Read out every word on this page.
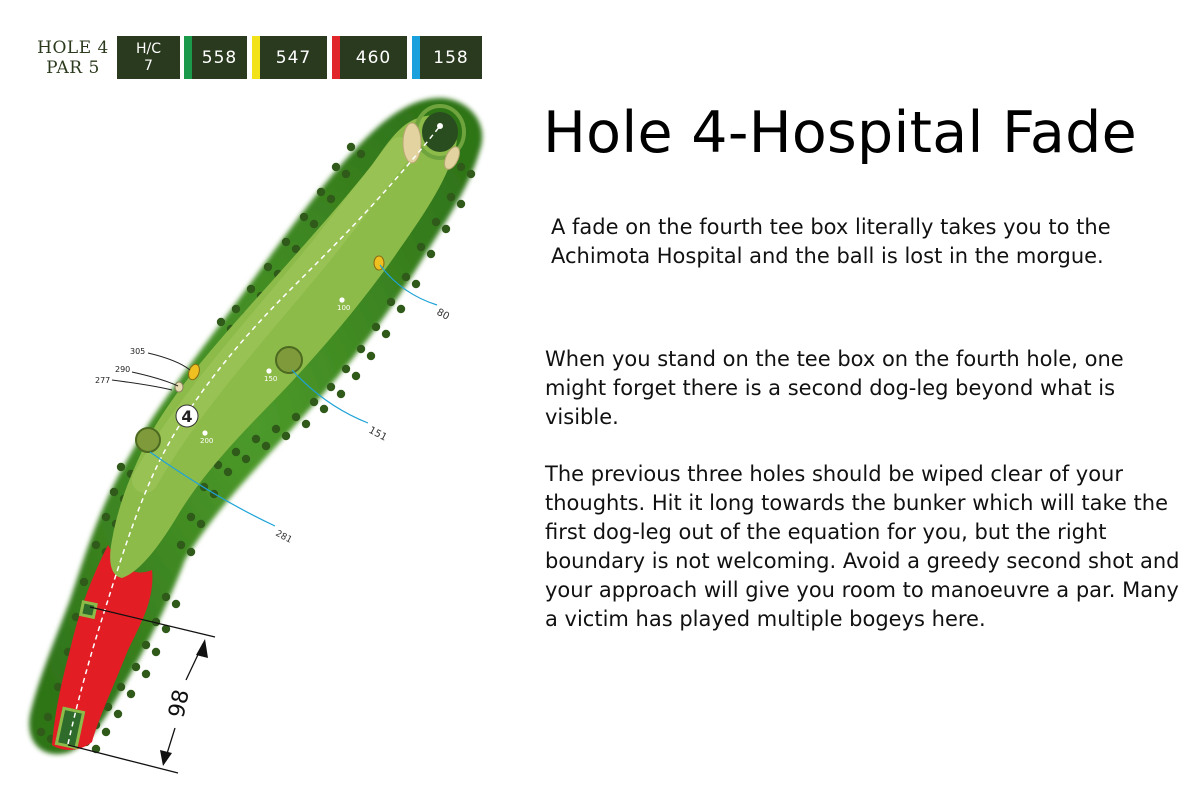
HOLE 4
PAR 5
H/C
7	558 547	460 158
100
150
200
4
80
151
281
305
290
277
98
Hole 4-Hospital Fade

A fade on the fourth tee box literally takes you to the Achimota Hospital and the ball is lost in the morgue.

When you stand on the tee box on the fourth hole, one might forget there is a second dog-leg beyond what is visible.

The previous three holes should be wiped clear of your thoughts. Hit it long towards the bunker which will take the first dog-leg out of the equation for you, but the right boundary is not welcoming. Avoid a greedy second shot and your approach will give you room to manoeuvre a par. Many a victim has played multiple bogeys here.
